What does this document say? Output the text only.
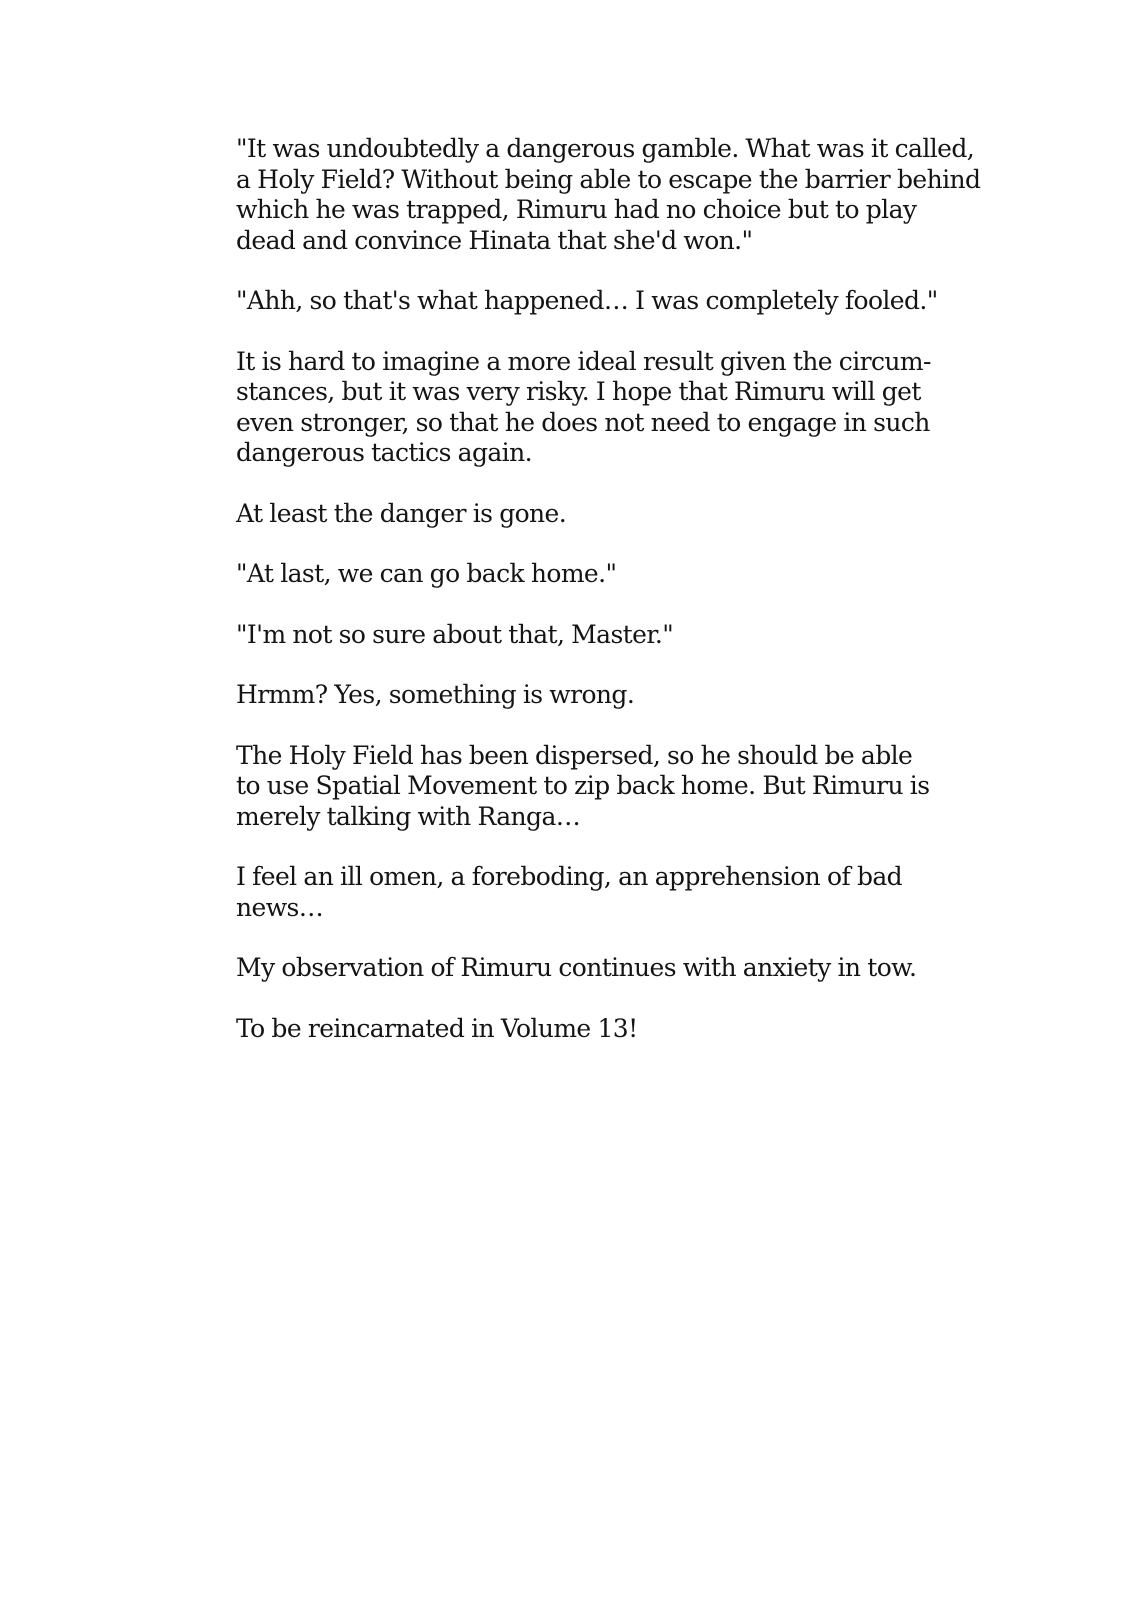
"It was undoubtedly a dangerous gamble. What was it called,
a Holy Field? Without being able to escape the barrier behind
which he was trapped, Rimuru had no choice but to play
dead and convince Hinata that she'd won."

"Ahh, so that's what happened… I was completely fooled."

It is hard to imagine a more ideal result given the circum-
stances, but it was very risky. I hope that Rimuru will get
even stronger, so that he does not need to engage in such
dangerous tactics again.

At least the danger is gone.

"At last, we can go back home."

"I'm not so sure about that, Master."

Hrmm? Yes, something is wrong.

The Holy Field has been dispersed, so he should be able
to use Spatial Movement to zip back home. But Rimuru is
merely talking with Ranga…

I feel an ill omen, a foreboding, an apprehension of bad
news…

My observation of Rimuru continues with anxiety in tow.

To be reincarnated in Volume 13!
